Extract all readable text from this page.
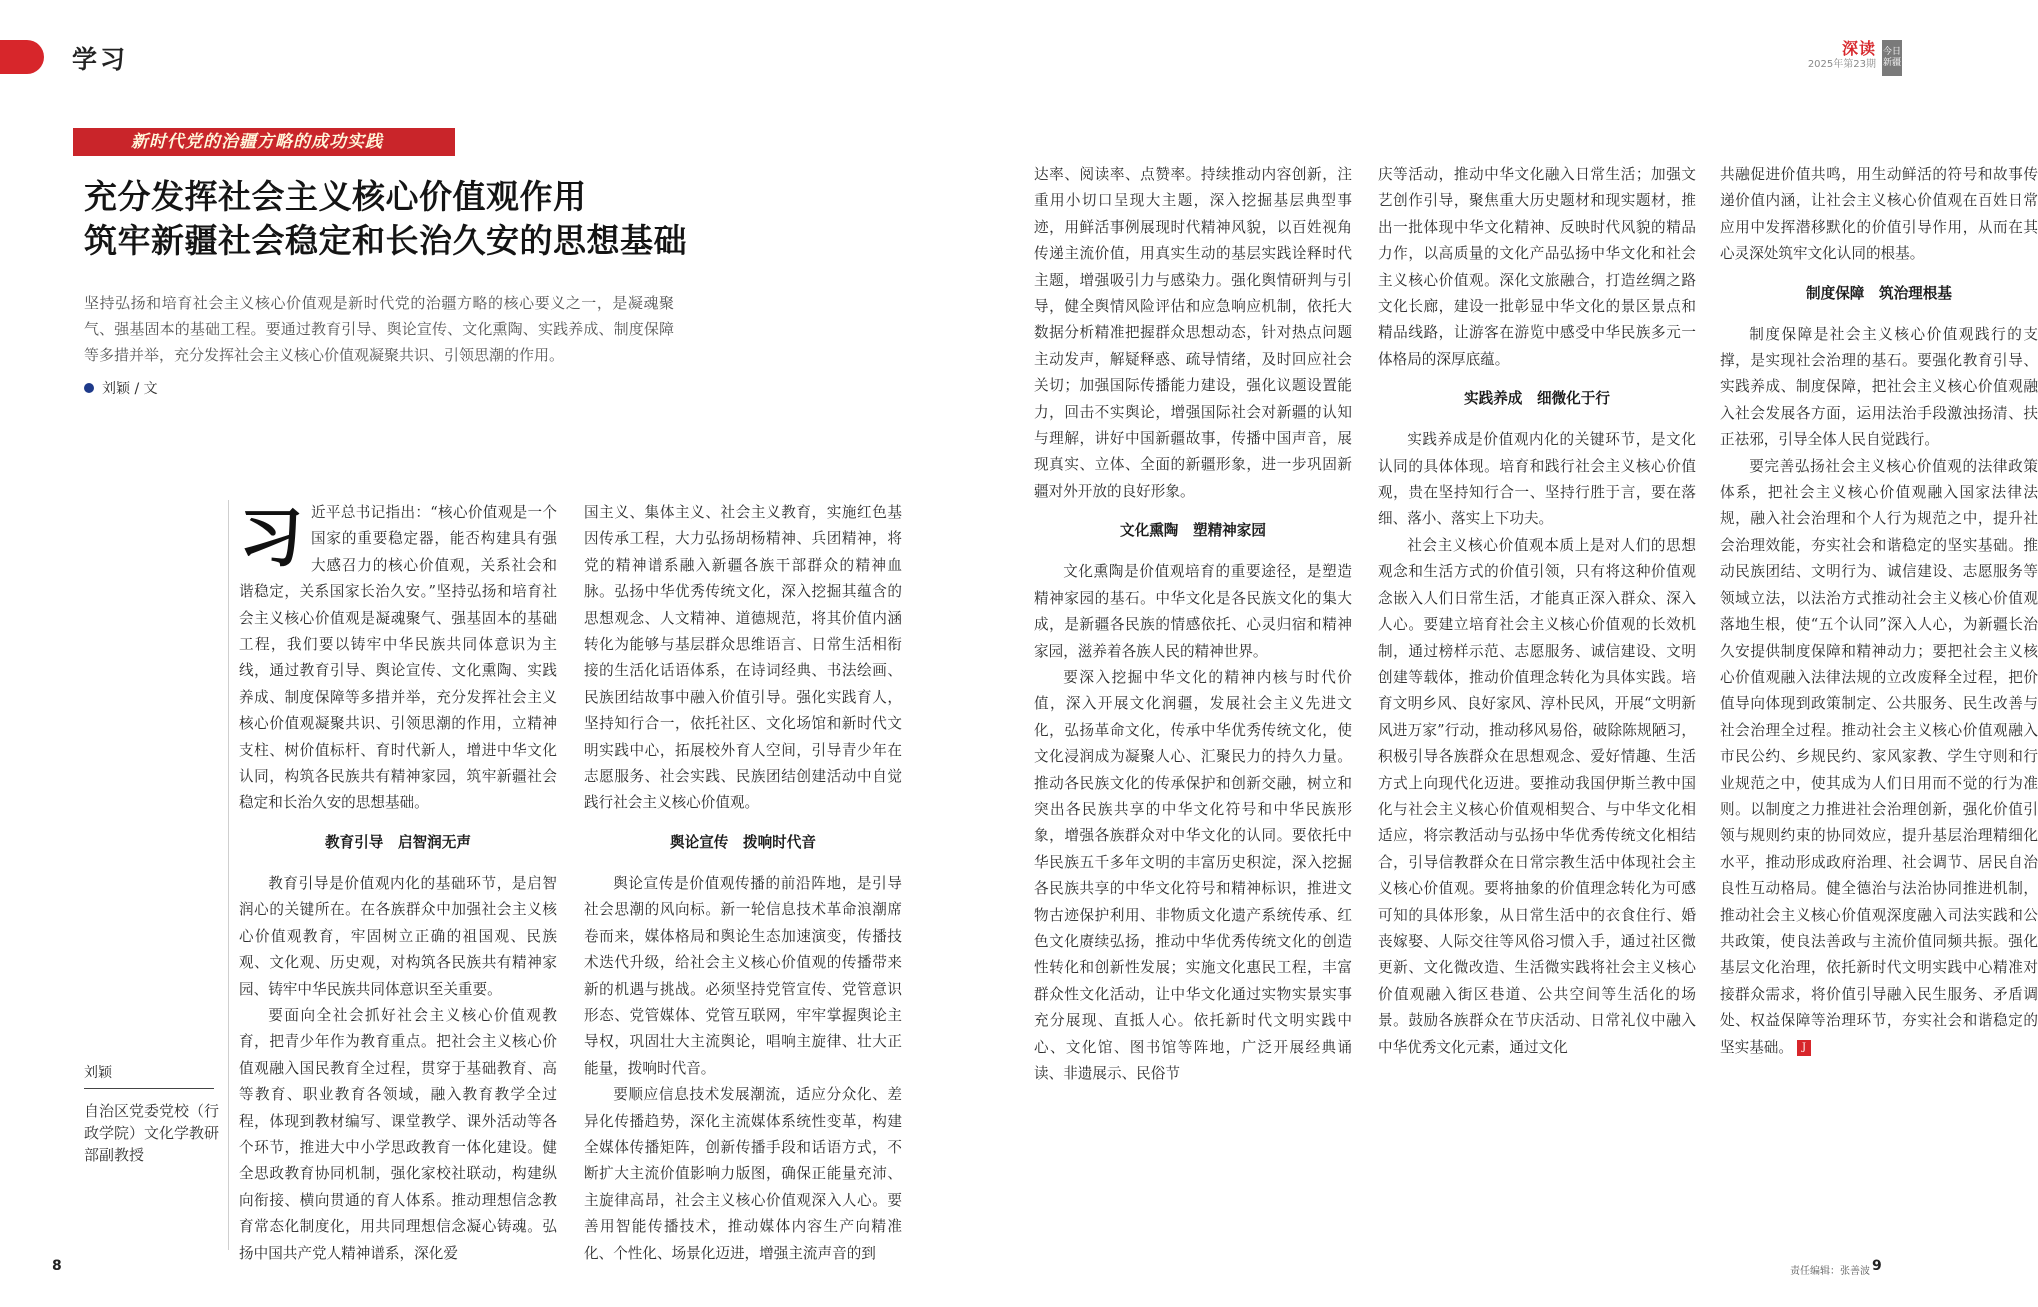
学习	深读
2025年第23期
今日新疆
新时代党的治疆方略的成功实践
充分发挥社会主义核心价值观作用
筑牢新疆社会稳定和长治久安的思想基础
坚持弘扬和培育社会主义核心价值观是新时代党的治疆方略的核心要义之一，是凝魂聚气、强基固本的基础工程。要通过教育引导、舆论宣传、文化熏陶、实践养成、制度保障等多措并举，充分发挥社会主义核心价值观凝聚共识、引领思潮的作用。
刘颖 / 文
刘颖
自治区党委党校（行政学院）文化学教研部副教授
习 近平总书记指出：“核心价值观是一个国家的重要稳定器，能否构建具有强大感召力的核心价值观，关系社会和谐稳定，关系国家长治久安。”坚持弘扬和培育社会主义核心价值观是凝魂聚气、强基固本的基础工程，我们要以铸牢中华民族共同体意识为主线，通过教育引导、舆论宣传、文化熏陶、实践养成、制度保障等多措并举，充分发挥社会主义核心价值观凝聚共识、引领思潮的作用，立精神支柱、树价值标杆、育时代新人，增进中华文化认同，构筑各民族共有精神家园，筑牢新疆社会稳定和长治久安的思想基础。

教育引导　启智润无声

教育引导是价值观内化的基础环节，是启智润心的关键所在。在各族群众中加强社会主义核心价值观教育，牢固树立正确的祖国观、民族观、文化观、历史观，对构筑各民族共有精神家园、铸牢中华民族共同体意识至关重要。

要面向全社会抓好社会主义核心价值观教育，把青少年作为教育重点。把社会主义核心价值观融入国民教育全过程，贯穿于基础教育、高等教育、职业教育各领域，融入教育教学全过程，体现到教材编写、课堂教学、课外活动等各个环节，推进大中小学思政教育一体化建设。健全思政教育协同机制，强化家校社联动，构建纵向衔接、横向贯通的育人体系。推动理想信念教育常态化制度化，用共同理想信念凝心铸魂。弘扬中国共产党人精神谱系，深化爱

国主义、集体主义、社会主义教育，实施红色基因传承工程，大力弘扬胡杨精神、兵团精神，将党的精神谱系融入新疆各族干部群众的精神血脉。弘扬中华优秀传统文化，深入挖掘其蕴含的思想观念、人文精神、道德规范，将其价值内涵转化为能够与基层群众思维语言、日常生活相衔接的生活化话语体系，在诗词经典、书法绘画、民族团结故事中融入价值引导。强化实践育人，坚持知行合一，依托社区、文化场馆和新时代文明实践中心，拓展校外育人空间，引导青少年在志愿服务、社会实践、民族团结创建活动中自觉践行社会主义核心价值观。

舆论宣传　拨响时代音

舆论宣传是价值观传播的前沿阵地，是引导社会思潮的风向标。新一轮信息技术革命浪潮席卷而来，媒体格局和舆论生态加速演变，传播技术迭代升级，给社会主义核心价值观的传播带来新的机遇与挑战。必须坚持党管宣传、党管意识形态、党管媒体、党管互联网，牢牢掌握舆论主导权，巩固壮大主流舆论，唱响主旋律、壮大正能量，拨响时代音。

要顺应信息技术发展潮流，适应分众化、差异化传播趋势，深化主流媒体系统性变革，构建全媒体传播矩阵，创新传播手段和话语方式，不断扩大主流价值影响力版图，确保正能量充沛、主旋律高昂，社会主义核心价值观深入人心。要善用智能传播技术，推动媒体内容生产向精准化、个性化、场景化迈进，增强主流声音的到

达率、阅读率、点赞率。持续推动内容创新，注重用小切口呈现大主题，深入挖掘基层典型事迹，用鲜活事例展现时代精神风貌，以百姓视角传递主流价值，用真实生动的基层实践诠释时代主题，增强吸引力与感染力。强化舆情研判与引导，健全舆情风险评估和应急响应机制，依托大数据分析精准把握群众思想动态，针对热点问题主动发声，解疑释惑、疏导情绪，及时回应社会关切；加强国际传播能力建设，强化议题设置能力，回击不实舆论，增强国际社会对新疆的认知与理解，讲好中国新疆故事，传播中国声音，展现真实、立体、全面的新疆形象，进一步巩固新疆对外开放的良好形象。

文化熏陶　塑精神家园

文化熏陶是价值观培育的重要途径，是塑造精神家园的基石。中华文化是各民族文化的集大成，是新疆各民族的情感依托、心灵归宿和精神家园，滋养着各族人民的精神世界。

要深入挖掘中华文化的精神内核与时代价值，深入开展文化润疆，发展社会主义先进文化，弘扬革命文化，传承中华优秀传统文化，使文化浸润成为凝聚人心、汇聚民力的持久力量。推动各民族文化的传承保护和创新交融，树立和突出各民族共享的中华文化符号和中华民族形象，增强各族群众对中华文化的认同。要依托中华民族五千多年文明的丰富历史积淀，深入挖掘各民族共享的中华文化符号和精神标识，推进文物古迹保护利用、非物质文化遗产系统传承、红色文化赓续弘扬，推动中华优秀传统文化的创造性转化和创新性发展；实施文化惠民工程，丰富群众性文化活动，让中华文化通过实物实景实事充分展现、直抵人心。依托新时代文明实践中心、文化馆、图书馆等阵地，广泛开展经典诵读、非遗展示、民俗节

庆等活动，推动中华文化融入日常生活；加强文艺创作引导，聚焦重大历史题材和现实题材，推出一批体现中华文化精神、反映时代风貌的精品力作，以高质量的文化产品弘扬中华文化和社会主义核心价值观。深化文旅融合，打造丝绸之路文化长廊，建设一批彰显中华文化的景区景点和精品线路，让游客在游览中感受中华民族多元一体格局的深厚底蕴。

实践养成　细微化于行

实践养成是价值观内化的关键环节，是文化认同的具体体现。培育和践行社会主义核心价值观，贵在坚持知行合一、坚持行胜于言，要在落细、落小、落实上下功夫。

社会主义核心价值观本质上是对人们的思想观念和生活方式的价值引领，只有将这种价值观念嵌入人们日常生活，才能真正深入群众、深入人心。要建立培育社会主义核心价值观的长效机制，通过榜样示范、志愿服务、诚信建设、文明创建等载体，推动价值理念转化为具体实践。培育文明乡风、良好家风、淳朴民风，开展“文明新风进万家”行动，推动移风易俗，破除陈规陋习，积极引导各族群众在思想观念、爱好情趣、生活方式上向现代化迈进。要推动我国伊斯兰教中国化与社会主义核心价值观相契合、与中华文化相适应，将宗教活动与弘扬中华优秀传统文化相结合，引导信教群众在日常宗教生活中体现社会主义核心价值观。要将抽象的价值理念转化为可感可知的具体形象，从日常生活中的衣食住行、婚丧嫁娶、人际交往等风俗习惯入手，通过社区微更新、文化微改造、生活微实践将社会主义核心价值观融入街区巷道、公共空间等生活化的场景。鼓励各族群众在节庆活动、日常礼仪中融入中华优秀文化元素，通过文化

共融促进价值共鸣，用生动鲜活的符号和故事传递价值内涵，让社会主义核心价值观在百姓日常应用中发挥潜移默化的价值引导作用，从而在其心灵深处筑牢文化认同的根基。

制度保障　筑治理根基

制度保障是社会主义核心价值观践行的支撑，是实现社会治理的基石。要强化教育引导、实践养成、制度保障，把社会主义核心价值观融入社会发展各方面，运用法治手段激浊扬清、扶正祛邪，引导全体人民自觉践行。

要完善弘扬社会主义核心价值观的法律政策体系，把社会主义核心价值观融入国家法律法规，融入社会治理和个人行为规范之中，提升社会治理效能，夯实社会和谐稳定的坚实基础。推动民族团结、文明行为、诚信建设、志愿服务等领域立法，以法治方式推动社会主义核心价值观落地生根，使“五个认同”深入人心，为新疆长治久安提供制度保障和精神动力；要把社会主义核心价值观融入法律法规的立改废释全过程，把价值导向体现到政策制定、公共服务、民生改善与社会治理全过程。推动社会主义核心价值观融入市民公约、乡规民约、家风家教、学生守则和行业规范之中，使其成为人们日用而不觉的行为准则。以制度之力推进社会治理创新，强化价值引领与规则约束的协同效应，提升基层治理精细化水平，推动形成政府治理、社会调节、居民自治良性互动格局。健全德治与法治协同推进机制，推动社会主义核心价值观深度融入司法实践和公共政策，使良法善政与主流价值同频共振。强化基层文化治理，依托新时代文明实践中心精准对接群众需求，将价值引导融入民生服务、矛盾调处、权益保障等治理环节，夯实社会和谐稳定的坚实基础。 J

8	责任编辑：张善波 9
